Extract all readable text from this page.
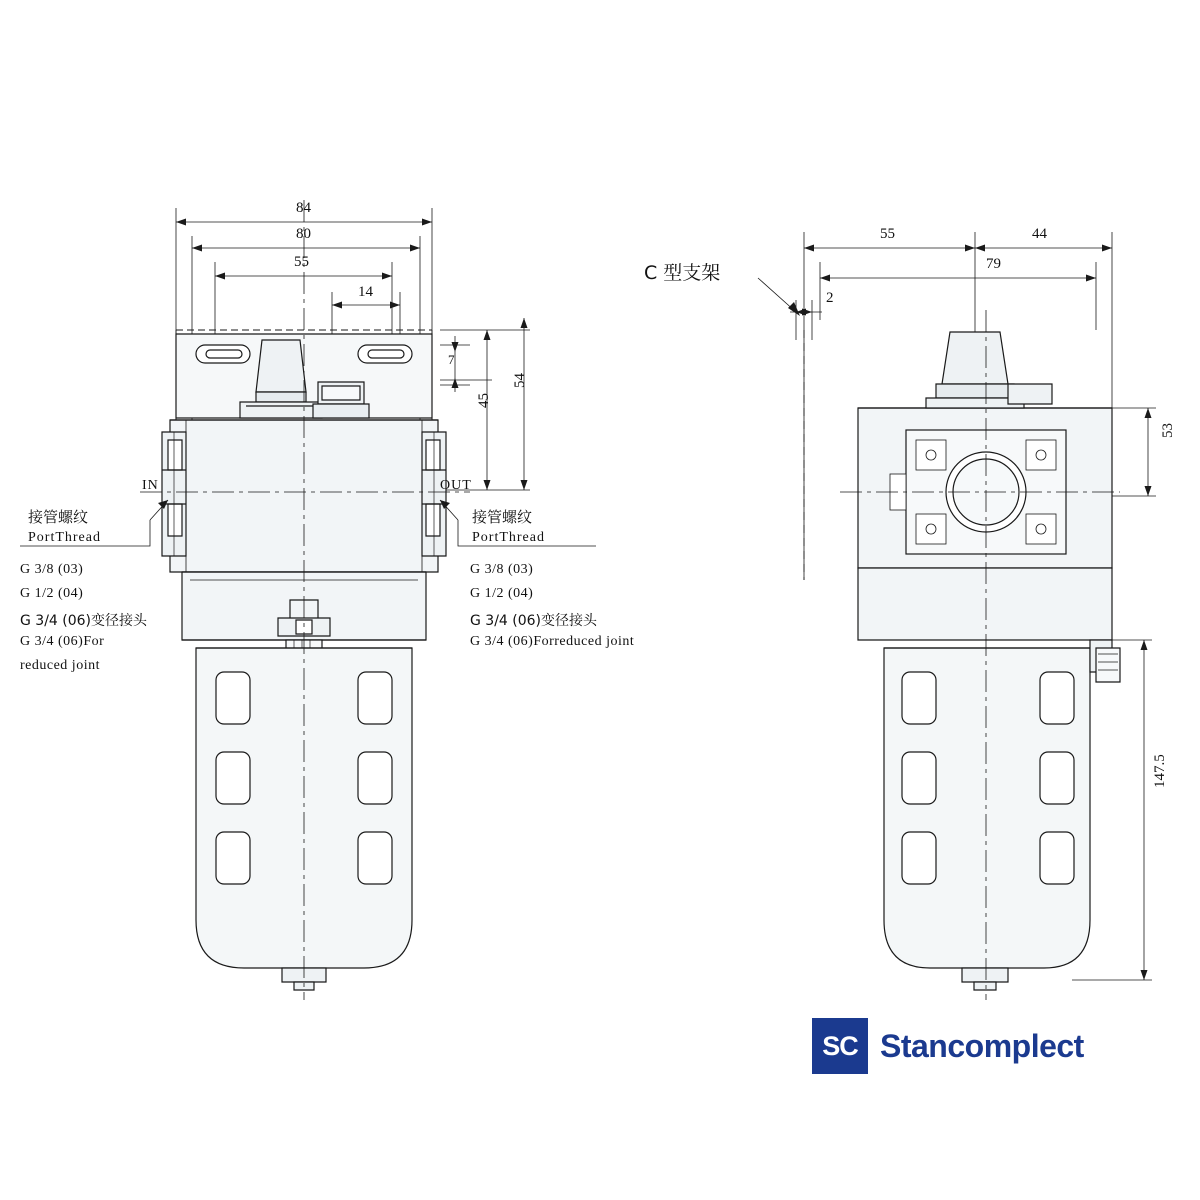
84
80
55
14
7
54
45
IN	OUT
接管螺纹
PortThread
G 3/8 (03)
G 1/2 (04)
G 3/4 (06)变径接头
G 3/4 (06)For
reduced joint
接管螺纹
PortThread
G 3/8 (03)
G 1/2 (04)
G 3/4 (06)变径接头
G 3/4 (06)Forreduced joint
55	44
79
2
53
147.5
C 型支架
SC Stancomplect
